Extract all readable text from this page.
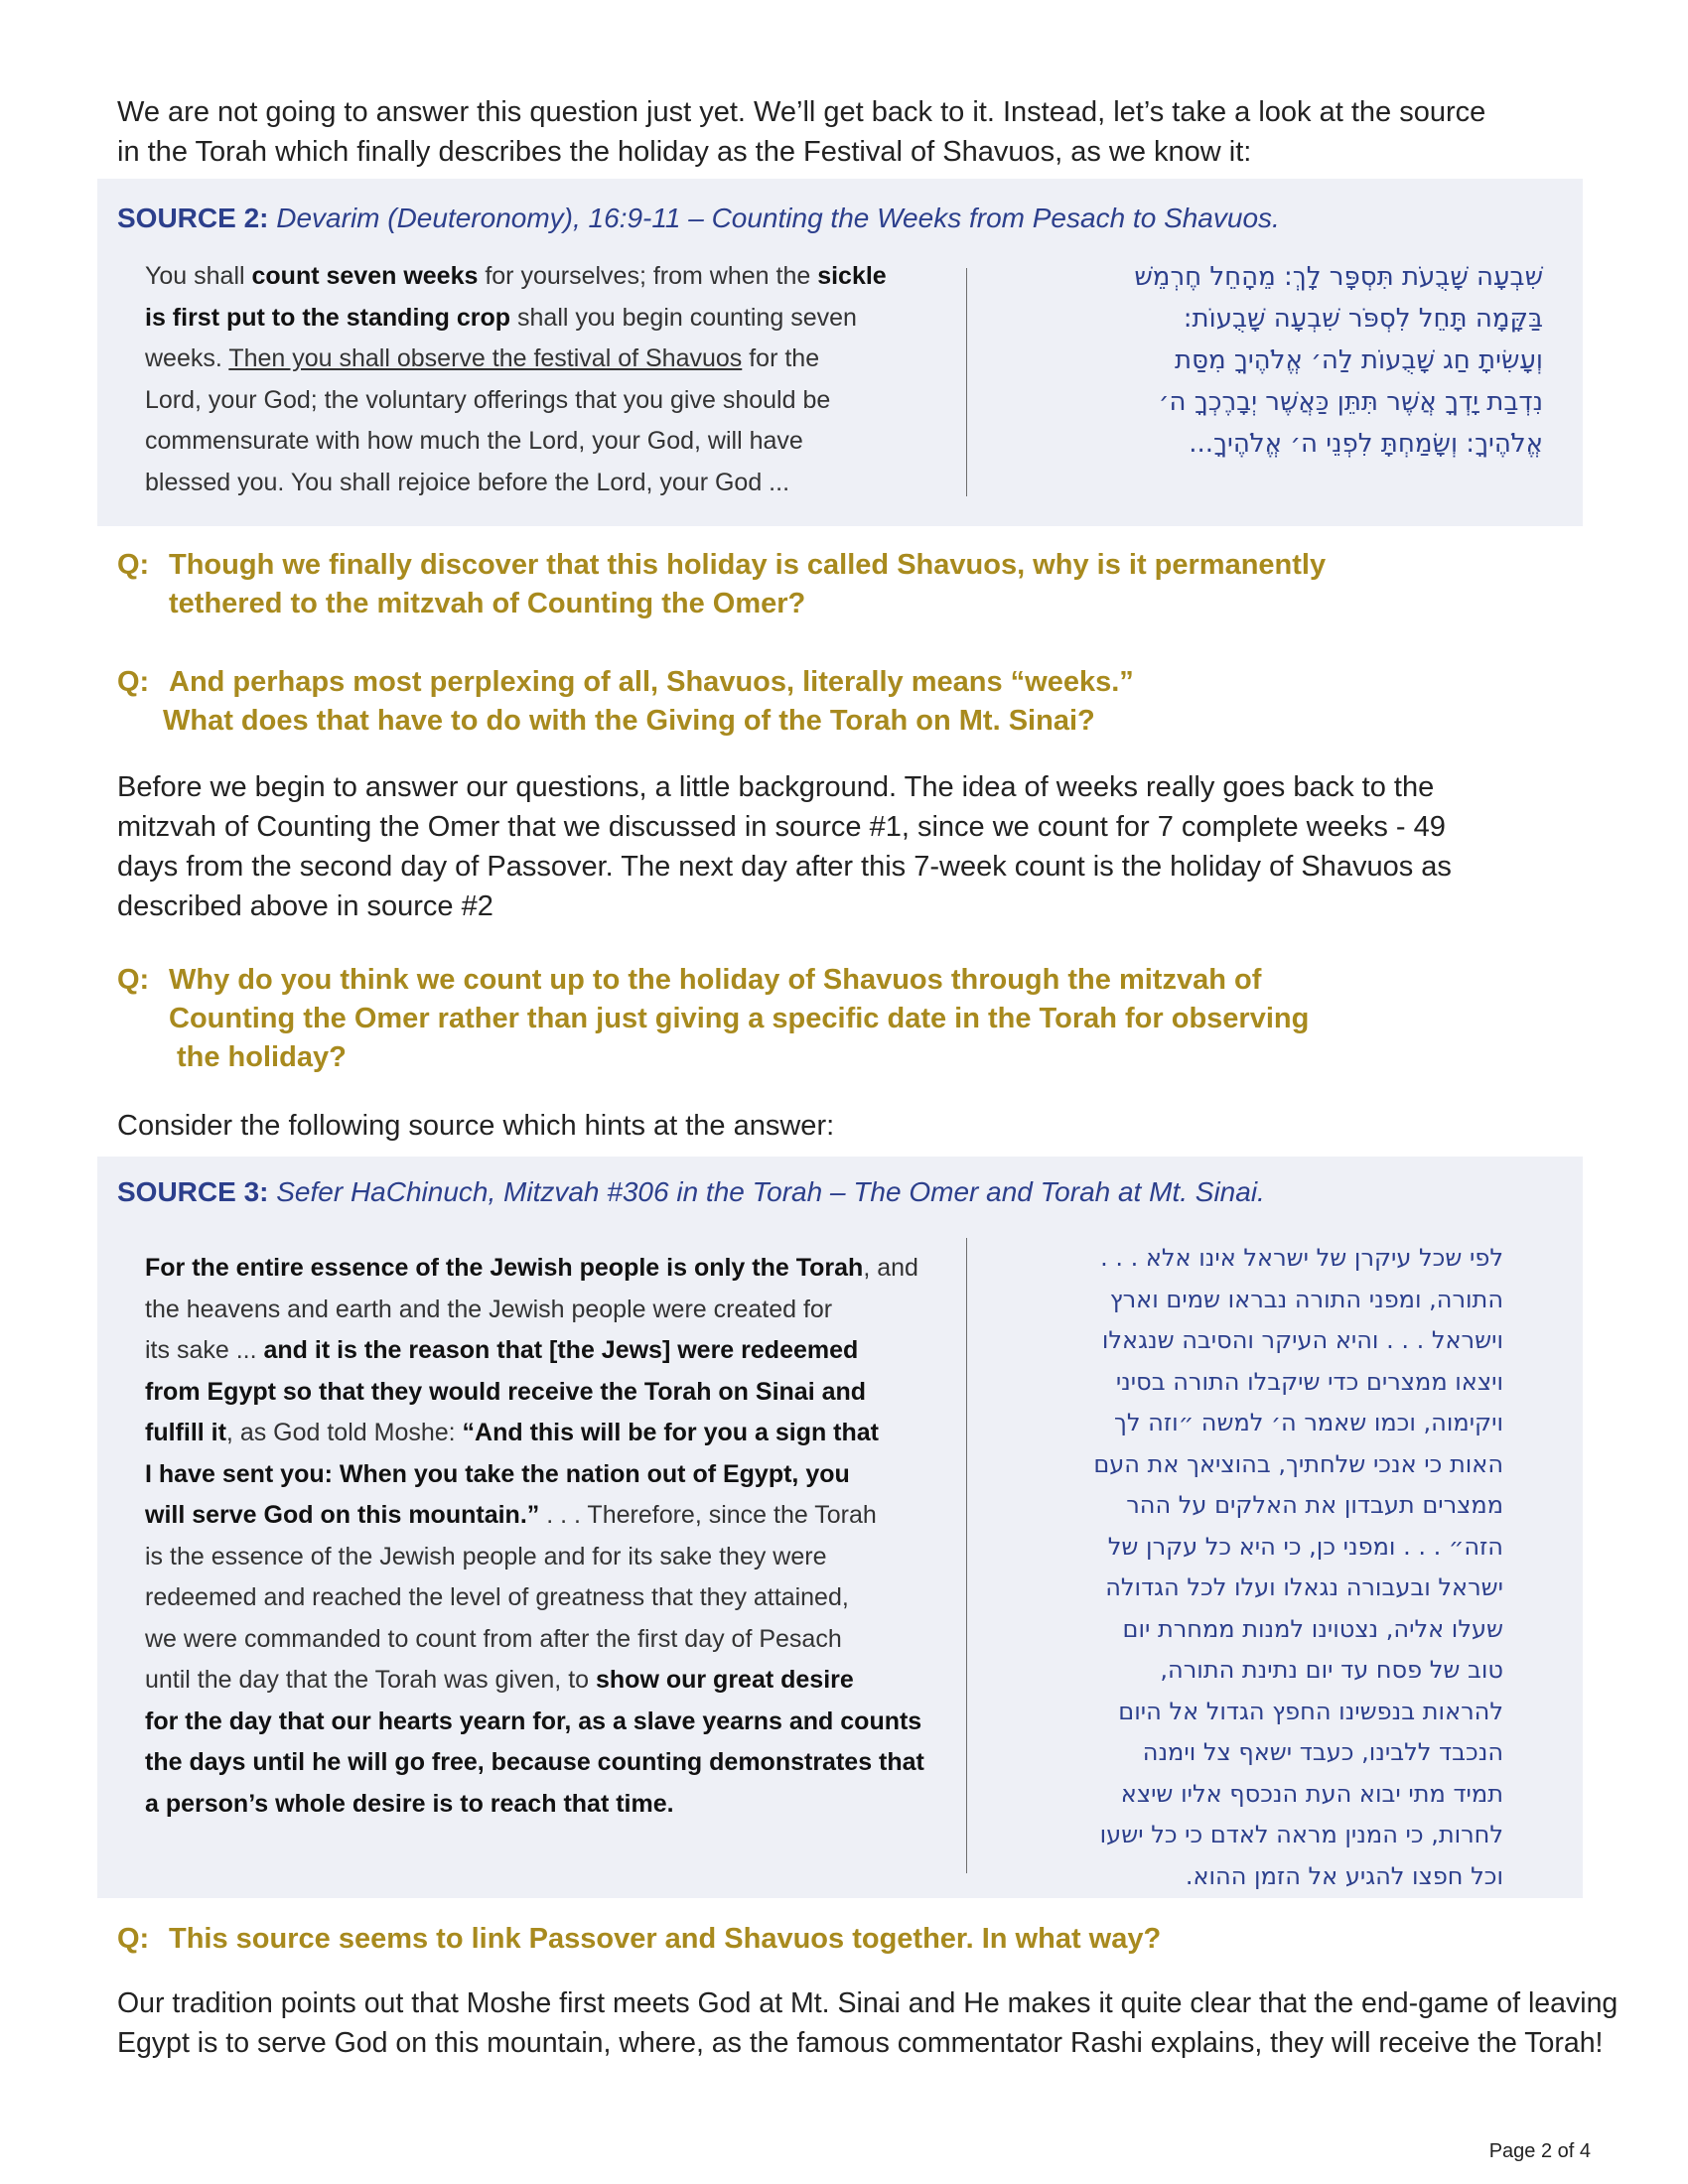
We are not going to answer this question just yet. We’ll get back to it. Instead, let’s take a look at the source
in the Torah which finally describes the holiday as the Festival of Shavuos, as we know it:
SOURCE 2: Devarim (Deuteronomy), 16:9-11 – Counting the Weeks from Pesach to Shavuos.
You shall count seven weeks for yourselves; from when the sickle
is first put to the standing crop shall you begin counting seven
weeks. Then you shall observe the festival of Shavuos for the
Lord, your God; the voluntary offerings that you give should be
commensurate with how much the Lord, your God, will have
blessed you. You shall rejoice before the Lord, your God ...
שִׁבְעָה שָׁבֻעֹת תִּסְפָּר לָךְ: מֵהָחֵל חֶרְמֵשׁ
בַּקָּמָה תָּחֵל לִסְפֹּר שִׁבְעָה שָׁבֻעוֹת:
וְעָשִׂיתָ חַג שָׁבֻעוֹת לַה׳ אֱלֹהֶיךָ מִסַּת
נִדְבַת יָדְךָ אֲשֶׁר תִּתֵּן כַּאֲשֶׁר יְבָרֶכְךָ ה׳
אֱלֹהֶיךָ: וְשָׂמַחְתָּ לִפְנֵי ה׳ אֱלֹהֶיךָ...
Q: Though we finally discover that this holiday is called Shavuos, why is it permanently
tethered to the mitzvah of Counting the Omer?
Q: And perhaps most perplexing of all, Shavuos, literally means “weeks.”
What does that have to do with the Giving of the Torah on Mt. Sinai?
Before we begin to answer our questions, a little background. The idea of weeks really goes back to the
mitzvah of Counting the Omer that we discussed in source #1, since we count for 7 complete weeks - 49
days from the second day of Passover. The next day after this 7-week count is the holiday of Shavuos as
described above in source #2
Q: Why do you think we count up to the holiday of Shavuos through the mitzvah of
Counting the Omer rather than just giving a specific date in the Torah for observing
the holiday?
Consider the following source which hints at the answer:
SOURCE 3: Sefer HaChinuch, Mitzvah #306 in the Torah – The Omer and Torah at Mt. Sinai.
For the entire essence of the Jewish people is only the Torah, and
the heavens and earth and the Jewish people were created for
its sake ... and it is the reason that [the Jews] were redeemed
from Egypt so that they would receive the Torah on Sinai and
fulfill it, as God told Moshe: “And this will be for you a sign that
I have sent you: When you take the nation out of Egypt, you
will serve God on this mountain.” . . . Therefore, since the Torah
is the essence of the Jewish people and for its sake they were
redeemed and reached the level of greatness that they attained,
we were commanded to count from after the first day of Pesach
until the day that the Torah was given, to show our great desire
for the day that our hearts yearn for, as a slave yearns and counts
the days until he will go free, because counting demonstrates that
a person’s whole desire is to reach that time.
לפי שכל עיקרן של ישראל אינו אלא . . .
התורה, ומפני התורה נבראו שמים וארץ
וישראל . . . והיא העיקר והסיבה שנגאלו
ויצאו ממצרים כדי שיקבלו התורה בסיני
ויקימוה, וכמו שאמר ה׳ למשה ״וזה לך
האות כי אנכי שלחתיך, בהוציאך את העם
ממצרים תעבדון את האלקים על ההר
הזה״ . . . ומפני כן, כי היא כל עקרן של
ישראל ובעבורה נגאלו ועלו לכל הגדולה
שעלו אליה, נצטוינו למנות ממחרת יום
טוב של פסח עד יום נתינת התורה,
להראות בנפשינו החפץ הגדול אל היום
הנכבד ללבינו, כעבד ישאף צל וימנה
תמיד מתי יבוא העת הנכסף אליו שיצא
לחרות, כי המנין מראה לאדם כי כל ישעו
וכל חפצו להגיע אל הזמן ההוא.
Q: This source seems to link Passover and Shavuos together. In what way?
Our tradition points out that Moshe first meets God at Mt. Sinai and He makes it quite clear that the end-game of leaving
Egypt is to serve God on this mountain, where, as the famous commentator Rashi explains, they will receive the Torah!
Page 2 of 4
